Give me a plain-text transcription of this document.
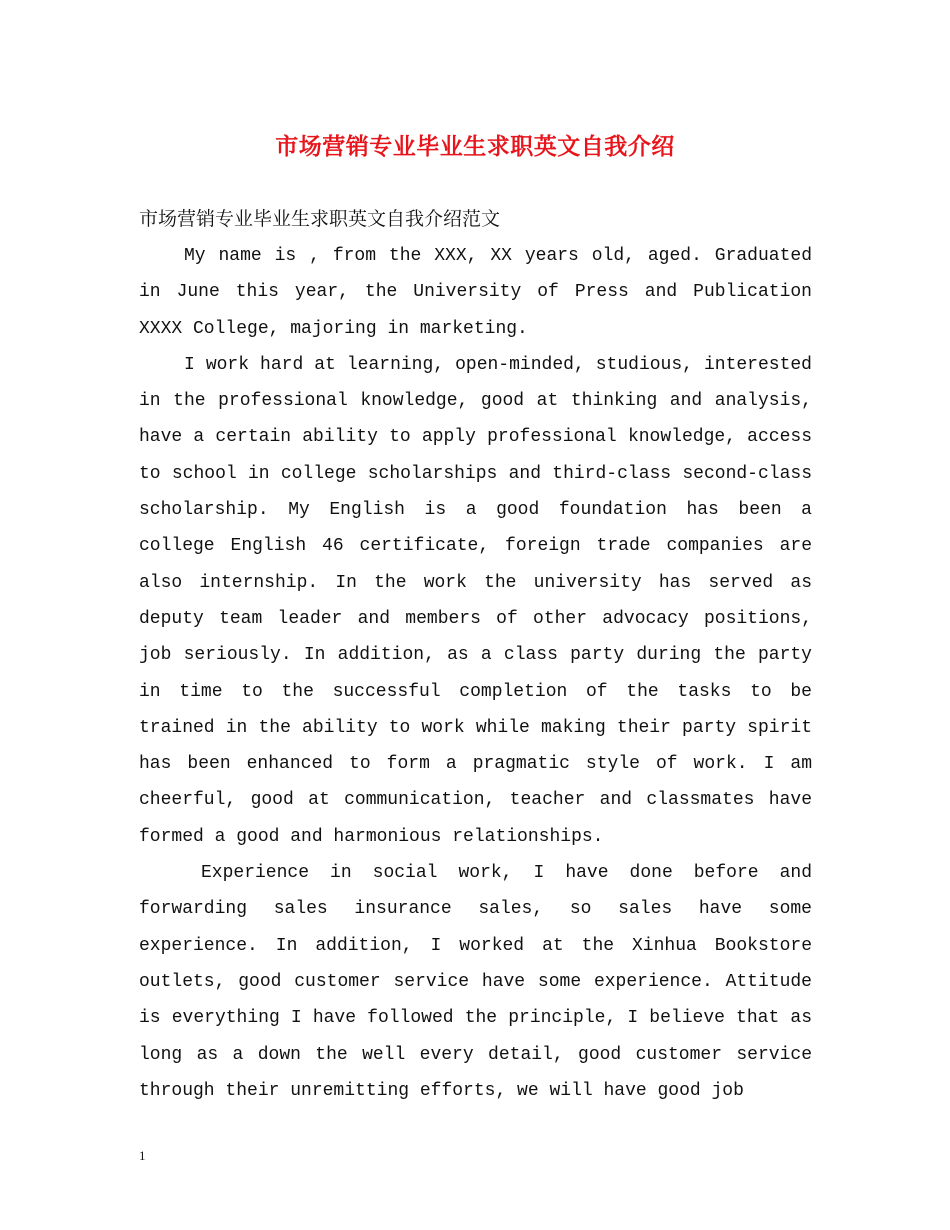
市场营销专业毕业生求职英文自我介绍
市场营销专业毕业生求职英文自我介绍范文

My name is , from the XXX, XX years old, aged. Graduated in June this year, the University of Press and Publication XXXX College, majoring in marketing.

I work hard at learning, open-minded, studious, interested in the professional knowledge, good at thinking and analysis, have a certain ability to apply professional knowledge, access to school in college scholarships and third-class second-class scholarship. My English is a good foundation has been a college English 46 certificate, foreign trade companies are also internship. In the work the university has served as deputy team leader and members of other advocacy positions, job seriously. In addition, as a class party during the party in time to the successful completion of the tasks to be trained in the ability to work while making their party spirit has been enhanced to form a pragmatic style of work. I am cheerful, good at communication, teacher and classmates have formed a good and harmonious relationships.

Experience in social work, I have done before and forwarding sales insurance sales, so sales have some experience. In addition, I worked at the Xinhua Bookstore outlets, good customer service have some experience. Attitude is everything I have followed the principle, I believe that as long as a down the well every detail, good customer service through their unremitting efforts, we will have good job

1
